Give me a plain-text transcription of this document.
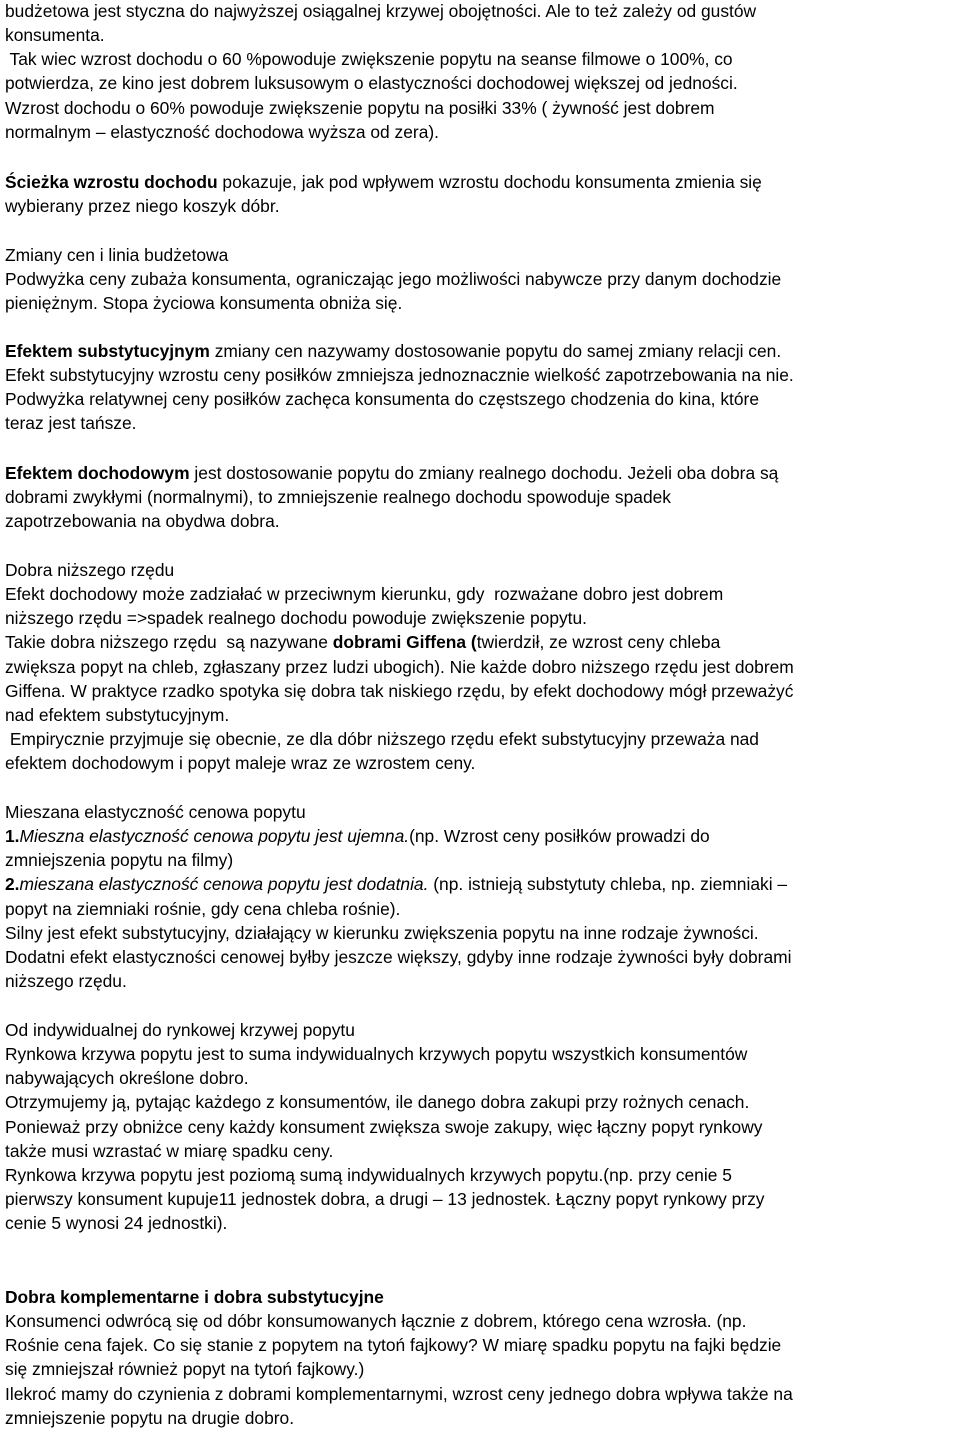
budżetowa jest styczna do najwyższej osiągalnej krzywej obojętności. Ale to też zależy od gustów
konsumenta.
Tak wiec wzrost dochodu o 60 %powoduje zwiększenie popytu na seanse filmowe o 100%, co
potwierdza, ze kino jest dobrem luksusowym o elastyczności dochodowej większej od jedności.
Wzrost dochodu o 60% powoduje zwiększenie popytu na posiłki 33% ( żywność jest dobrem
normalnym – elastyczność dochodowa wyższa od zera).
Ścieżka wzrostu dochodu pokazuje, jak pod wpływem wzrostu dochodu konsumenta zmienia się
wybierany przez niego koszyk dóbr.
Zmiany cen i linia budżetowa
Podwyżka ceny zubaża konsumenta, ograniczając jego możliwości nabywcze przy danym dochodzie
pieniężnym. Stopa życiowa konsumenta obniża się.
Efektem substytucyjnym zmiany cen nazywamy dostosowanie popytu do samej zmiany relacji cen.
Efekt substytucyjny wzrostu ceny posiłków zmniejsza jednoznacznie wielkość zapotrzebowania na nie.
Podwyżka relatywnej ceny posiłków zachęca konsumenta do częstszego chodzenia do kina, które
teraz jest tańsze.
Efektem dochodowym jest dostosowanie popytu do zmiany realnego dochodu. Jeżeli oba dobra są
dobrami zwykłymi (normalnymi), to zmniejszenie realnego dochodu spowoduje spadek
zapotrzebowania na obydwa dobra.
Dobra niższego rzędu
Efekt dochodowy może zadziałać w przeciwnym kierunku, gdy  rozważane dobro jest dobrem
niższego rzędu =>spadek realnego dochodu powoduje zwiększenie popytu.
Takie dobra niższego rzędu  są nazywane dobrami Giffena (twierdził, ze wzrost ceny chleba
zwiększa popyt na chleb, zgłaszany przez ludzi ubogich). Nie każde dobro niższego rzędu jest dobrem
Giffena. W praktyce rzadko spotyka się dobra tak niskiego rzędu, by efekt dochodowy mógł przeważyć
nad efektem substytucyjnym.
Empirycznie przyjmuje się obecnie, ze dla dóbr niższego rzędu efekt substytucyjny przeważa nad
efektem dochodowym i popyt maleje wraz ze wzrostem ceny.
Mieszana elastyczność cenowa popytu
1.Mieszna elastyczność cenowa popytu jest ujemna.(np. Wzrost ceny posiłków prowadzi do
zmniejszenia popytu na filmy)
2.mieszana elastyczność cenowa popytu jest dodatnia. (np. istnieją substytuty chleba, np. ziemniaki –
popyt na ziemniaki rośnie, gdy cena chleba rośnie).
Silny jest efekt substytucyjny, działający w kierunku zwiększenia popytu na inne rodzaje żywności.
Dodatni efekt elastyczności cenowej byłby jeszcze większy, gdyby inne rodzaje żywności były dobrami
niższego rzędu.
Od indywidualnej do rynkowej krzywej popytu
Rynkowa krzywa popytu jest to suma indywidualnych krzywych popytu wszystkich konsumentów
nabywających określone dobro.
Otrzymujemy ją, pytając każdego z konsumentów, ile danego dobra zakupi przy rożnych cenach.
Ponieważ przy obniżce ceny każdy konsument zwiększa swoje zakupy, więc łączny popyt rynkowy
także musi wzrastać w miarę spadku ceny.
Rynkowa krzywa popytu jest poziomą sumą indywidualnych krzywych popytu.(np. przy cenie 5
pierwszy konsument kupuje11 jednostek dobra, a drugi – 13 jednostek. Łączny popyt rynkowy przy
cenie 5 wynosi 24 jednostki).
Dobra komplementarne i dobra substytucyjne
Konsumenci odwrócą się od dóbr konsumowanych łącznie z dobrem, którego cena wzrosła. (np.
Rośnie cena fajek. Co się stanie z popytem na tytoń fajkowy? W miarę spadku popytu na fajki będzie
się zmniejszał również popyt na tytoń fajkowy.)
Ilekroć mamy do czynienia z dobrami komplementarnymi, wzrost ceny jednego dobra wpływa także na
zmniejszenie popytu na drugie dobro.
